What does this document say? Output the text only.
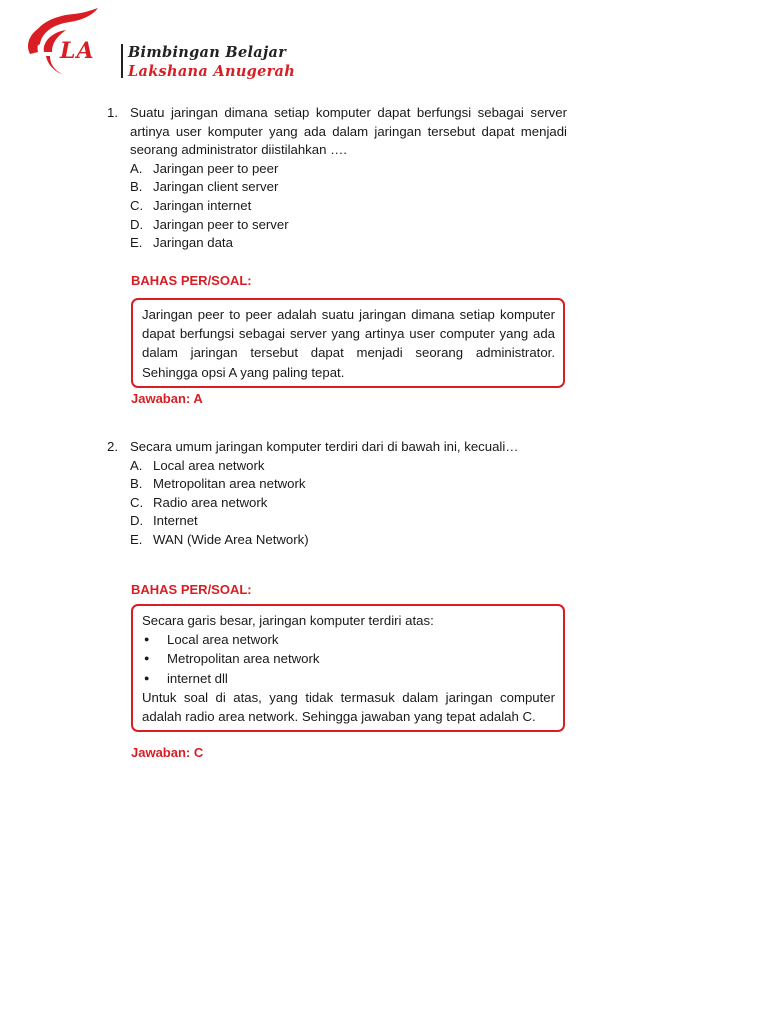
LA Bimbingan Belajar
Lakshana Anugerah
1. Suatu jaringan dimana setiap komputer dapat berfungsi sebagai server artinya user komputer yang ada dalam jaringan tersebut dapat menjadi seorang administrator diistilahkan ….
A. Jaringan peer to peer
B. Jaringan client server
C. Jaringan internet
D. Jaringan peer to server
E. Jaringan data
BAHAS PER/SOAL:

Jaringan peer to peer adalah suatu jaringan dimana setiap komputer dapat berfungsi sebagai server yang artinya user computer yang ada dalam jaringan tersebut dapat menjadi seorang administrator. Sehingga opsi A yang paling tepat.

Jawaban: A
2. Secara umum jaringan komputer terdiri dari di bawah ini, kecuali…
A. Local area network
B. Metropolitan area network
C. Radio area network
D. Internet
E. WAN (Wide Area Network)
BAHAS PER/SOAL:

Secara garis besar, jaringan komputer terdiri atas:

●	Local area network
●	Metropolitan area network
●	internet dll

Untuk soal di atas, yang tidak termasuk dalam jaringan computer adalah radio area network. Sehingga jawaban yang tepat adalah C.

Jawaban: C
